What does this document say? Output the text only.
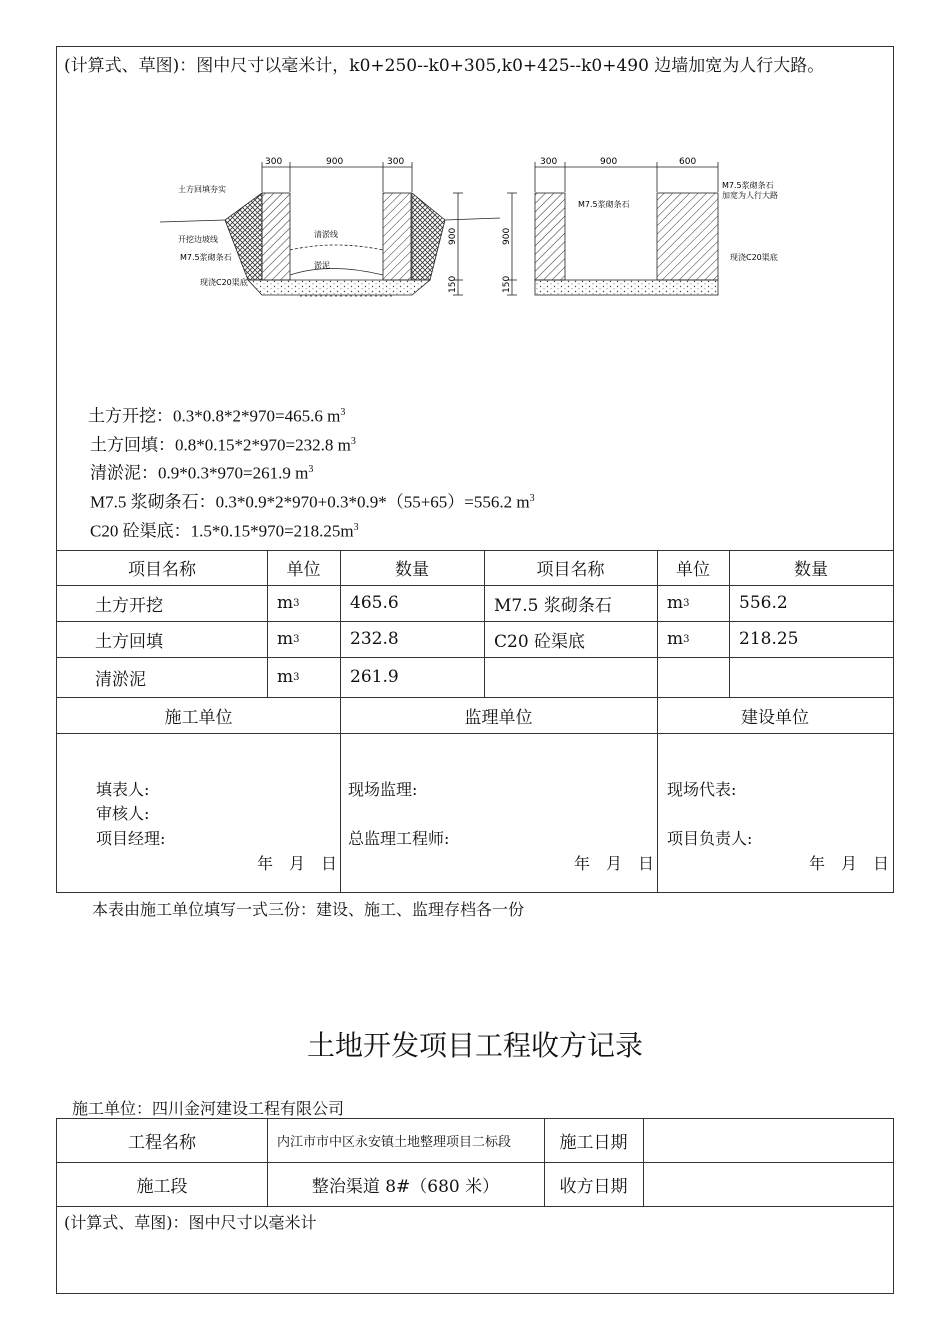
(计算式、草图)：图中尺寸以毫米计，k0+250--k0+305,k0+425--k0+490 边墙加宽为人行大路。
300	900	300
900
150
土方回填夯实
开挖边坡线
M7.5浆砌条石
现浇C20渠底
清淤线
淤泥
300	900	600
900
150
M7.5浆砌条石
M7.5浆砌条石
加宽为人行大路
现浇C20渠底
土方开挖：0.3*0.8*2*970=465.6 $m^3$
土方回填：0.8*0.15*2*970=232.8 $m^3$
清淤泥：0.9*0.3*970=261.9 $m^3$
M7.5 浆砌条石：0.3*0.9*2*970+0.3*0.9*（55+65）=556.2 $m^3$
C20 砼渠底：$1.5*0.15*970=218.25m^3$
项目名称	单位	数量	项目名称	单位	数量
土方开挖	m 3	465.6	M7.5 浆砌条石	m 3	556.2
土方回填	m 3	232.8	C20 砼渠底	m 3	218.25
清淤泥	m 3	261.9
施工单位	监理单位	建设单位
填表人:
审核人:
项目经理:
年　月　日
现场监理:
总监理工程师:
年　月　日
现场代表:
项目负责人:
年　月　日
本表由施工单位填写一式三份：建设、施工、监理存档各一份
土地开发项目工程收方记录
施工单位：四川金河建设工程有限公司
工程名称	内江市市中区永安镇土地整理项目二标段	施工日期
施工段	整治渠道 8#（680 米）	收方日期
(计算式、草图)：图中尺寸以毫米计
